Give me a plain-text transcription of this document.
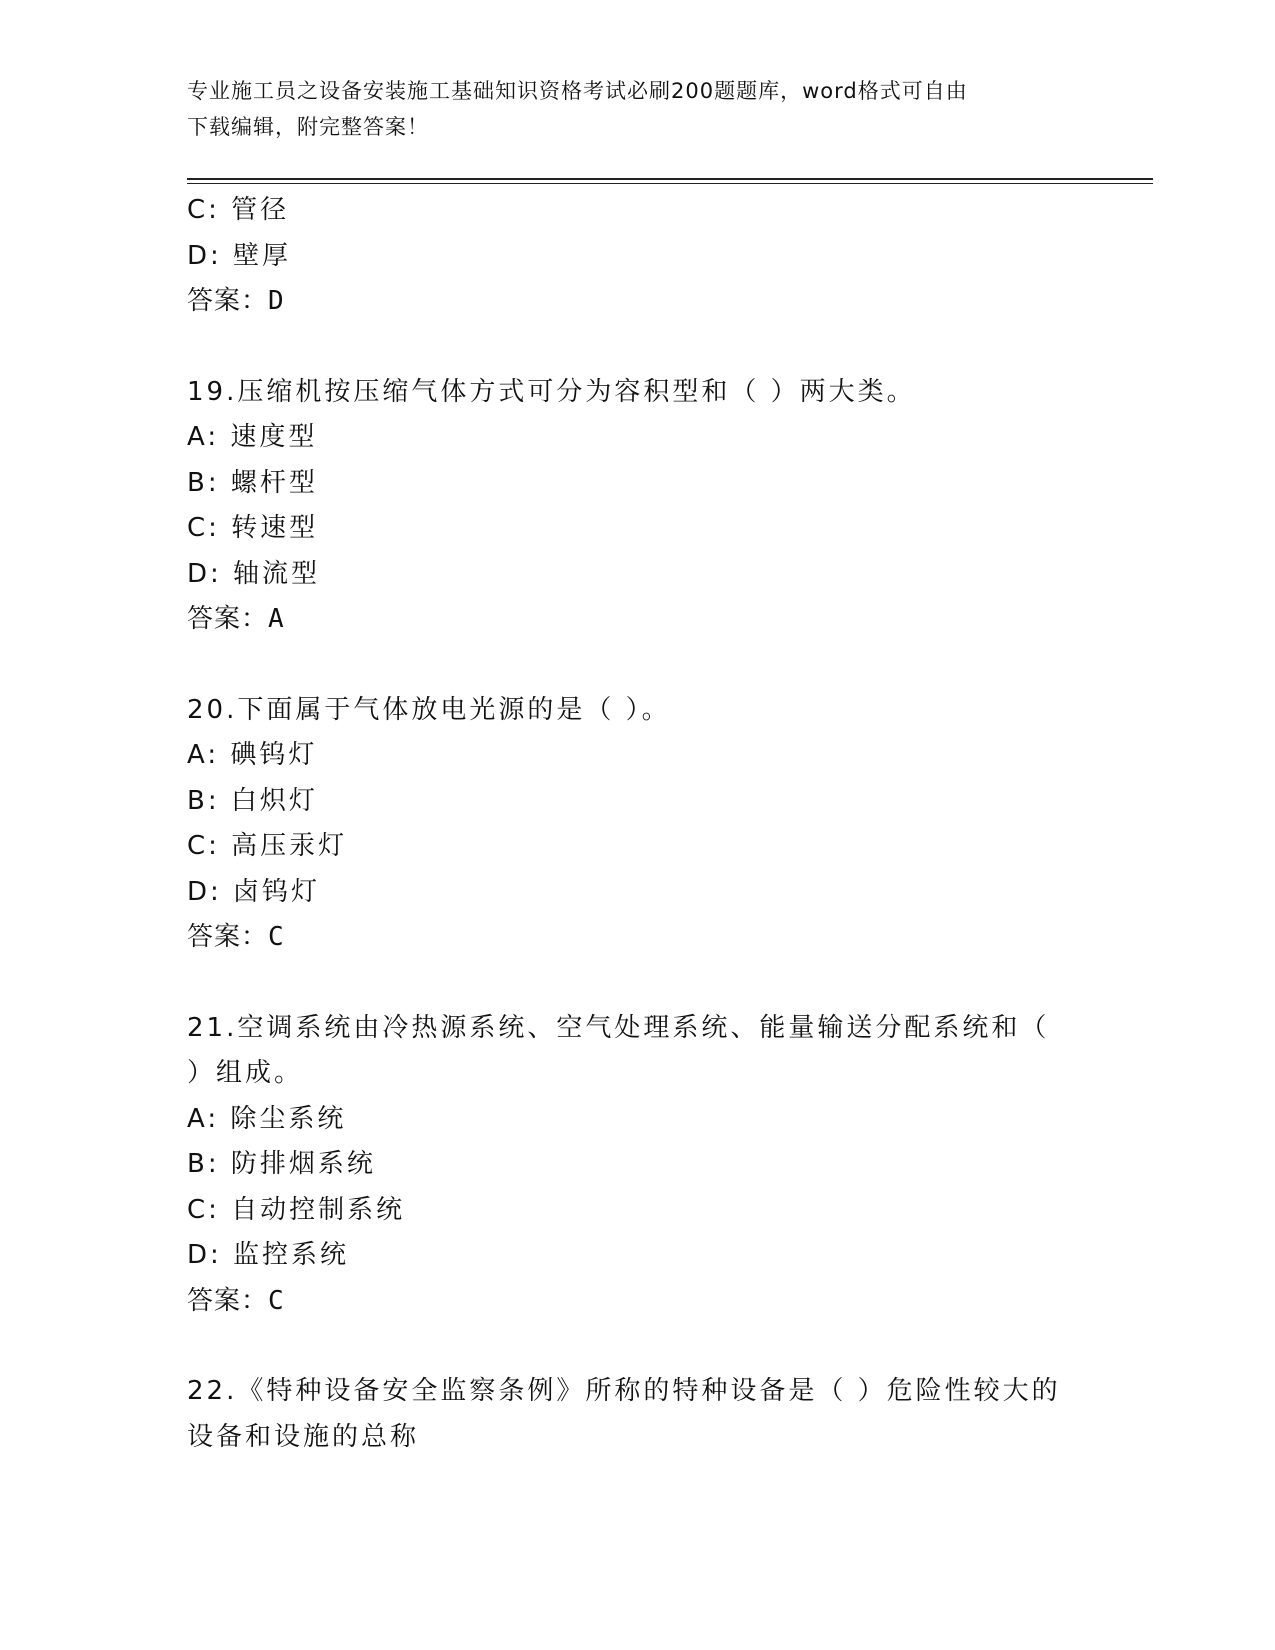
专业施工员之设备安装施工基础知识资格考试必刷200题题库，word格式可自由
下载编辑，附完整答案！
C: 管径
D: 壁厚
答案：D
19.压缩机按压缩气体方式可分为容积型和（ ）两大类。
A: 速度型
B: 螺杆型
C: 转速型
D: 轴流型
答案：A
20.下面属于气体放电光源的是（ ）。
A: 碘钨灯
B: 白炽灯
C: 高压汞灯
D: 卤钨灯
答案：C
21.空调系统由冷热源系统、空气处理系统、能量输送分配系统和（
）组成。
A: 除尘系统
B: 防排烟系统
C: 自动控制系统
D: 监控系统
答案：C
22.《特种设备安全监察条例》所称的特种设备是（ ）危险性较大的
设备和设施的总称
